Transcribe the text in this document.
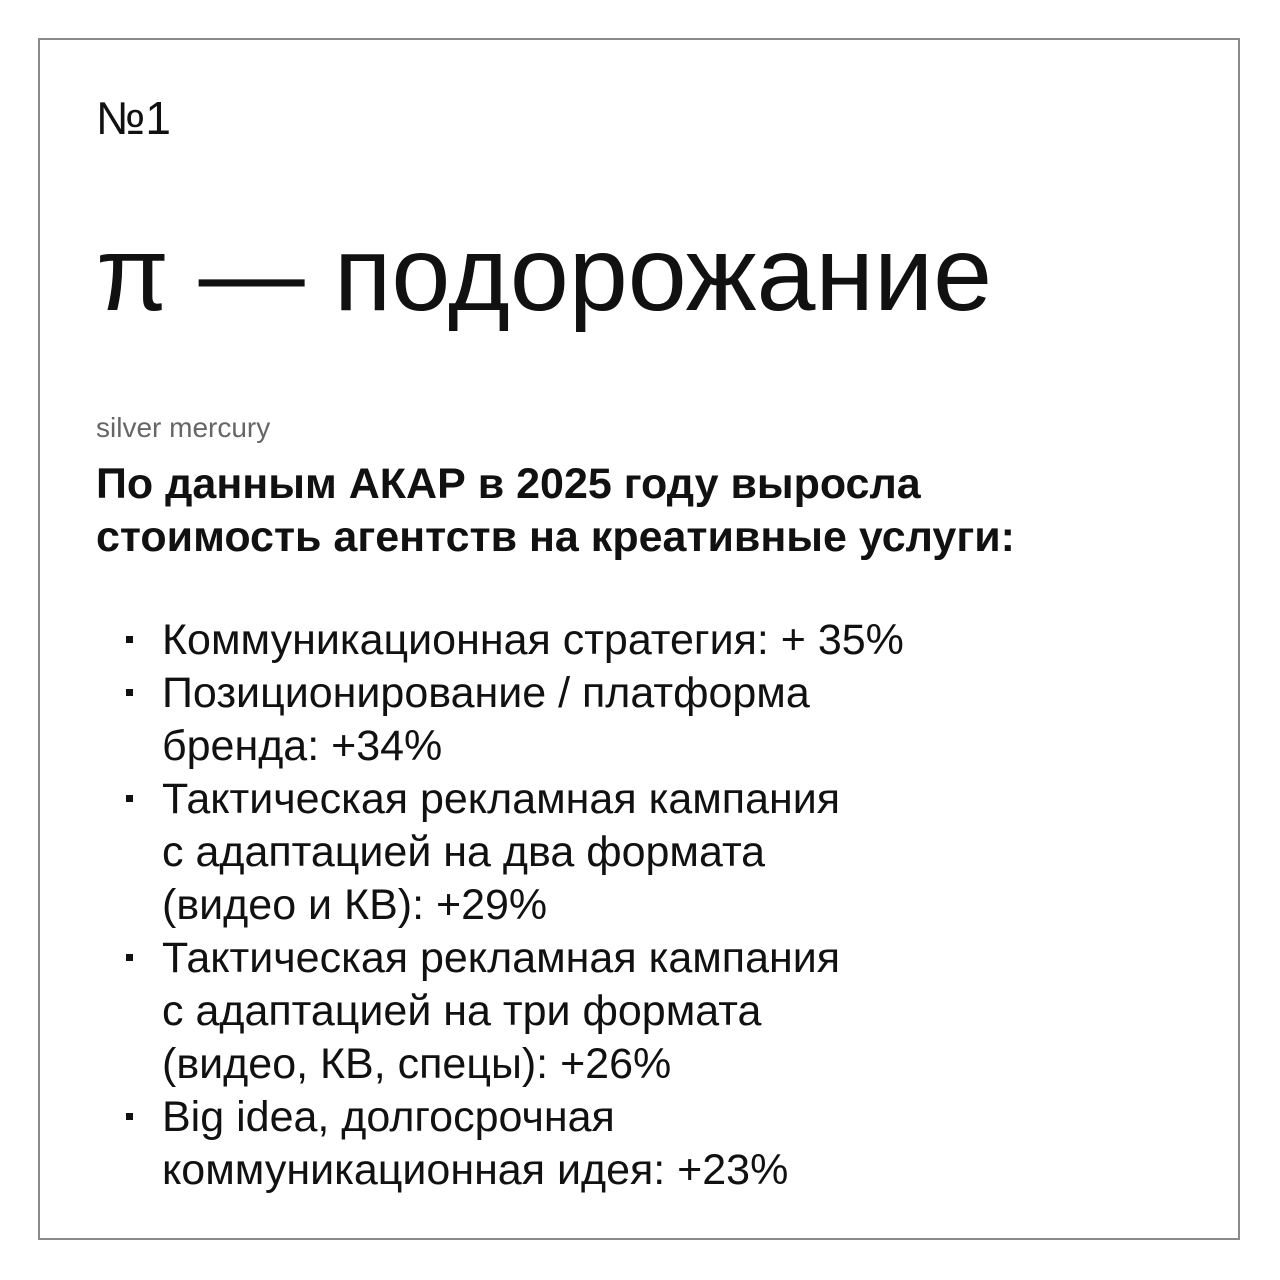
№1
π — подорожание
silver mercury
По данным АКАР в 2025 году выросла
стоимость агентств на креативные услуги:
Коммуникационная стратегия: + 35%
Позиционирование / платформа
бренда: +34%
Тактическая рекламная кампания
с адаптацией на два формата
(видео и КВ): +29%
Тактическая рекламная кампания
с адаптацией на три формата
(видео, КВ, спецы): +26%
Big idea, долгосрочная
коммуникационная идея: +23%
